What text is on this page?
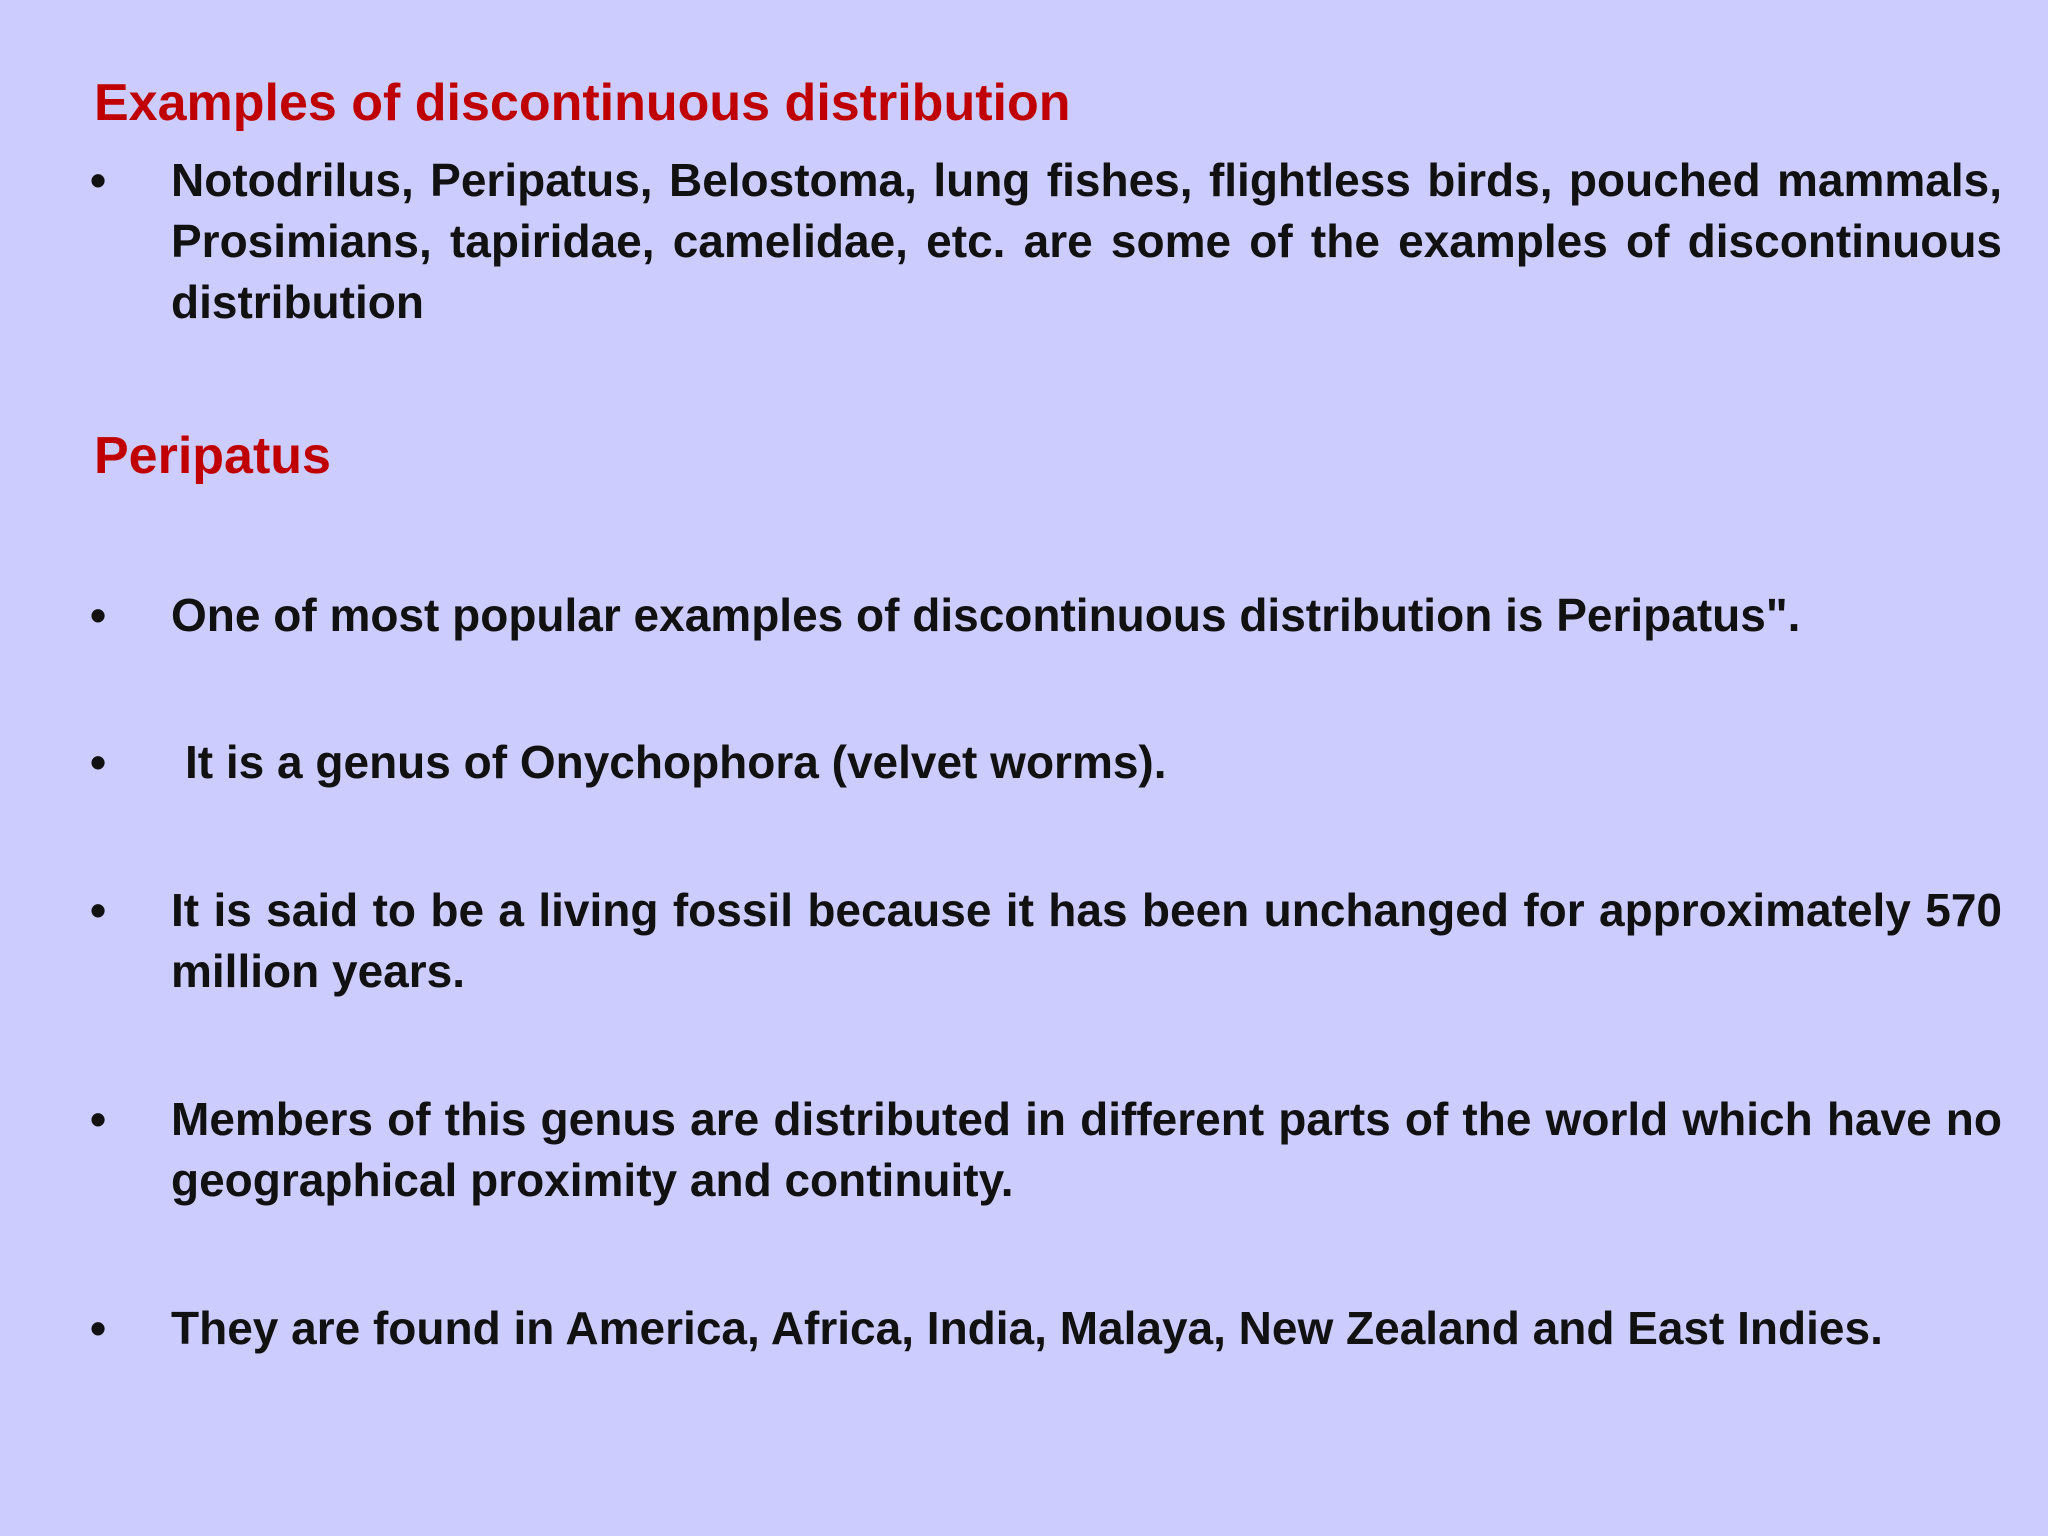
Examples of discontinuous distribution
• Notodrilus, Peripatus, Belostoma, lung fishes, flightless birds, pouched mammals, Prosimians, tapiridae, camelidae, etc. are some of the examples of discontinuous distribution

Peripatus
• One of most popular examples of discontinuous distribution is Peripatus".

• It is a genus of Onychophora (velvet worms).

• It is said to be a living fossil because it has been unchanged for approximately 570 million years.

• Members of this genus are distributed in different parts of the world which have no geographical proximity and continuity.

• They are found in America, Africa, India, Malaya, New Zealand and East Indies.
